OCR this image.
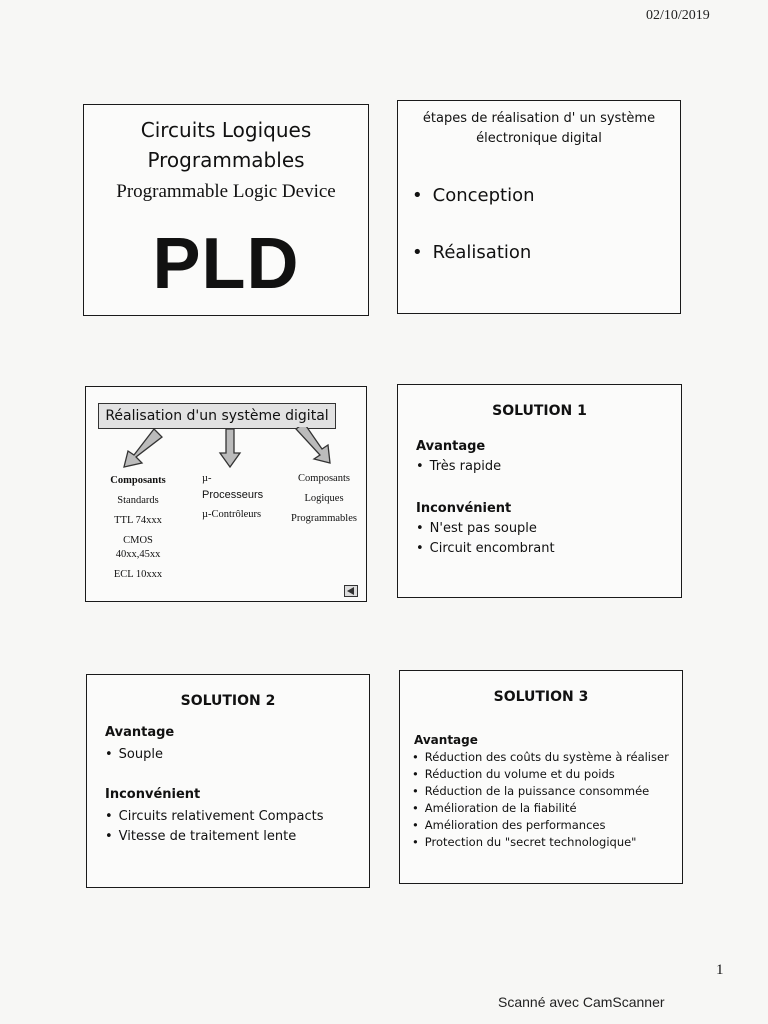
02/10/2019
Circuits Logiques Programmables
Programmable Logic Device
PLD
étapes de réalisation d' un système électronique digital
• Conception
• Réalisation
Réalisation d'un système digital
Composants
Standards
TTL 74xxx
CMOS 40xx,45xx
ECL 10xxx
µ-
Processeurs
µ-Contrôleurs
Composants
Logiques
Programmables
SOLUTION 1
Avantage
• Très rapide
Inconvénient
• N'est pas souple
• Circuit encombrant
SOLUTION 2
Avantage
• Souple
Inconvénient
• Circuits relativement Compacts
• Vitesse de traitement lente
SOLUTION 3
Avantage
• Réduction des coûts du système à réaliser
• Réduction du volume et du poids
• Réduction de la puissance consommée
• Amélioration de la fiabilité
• Amélioration des performances
• Protection du "secret technologique"
1
Scanné avec CamScanner
